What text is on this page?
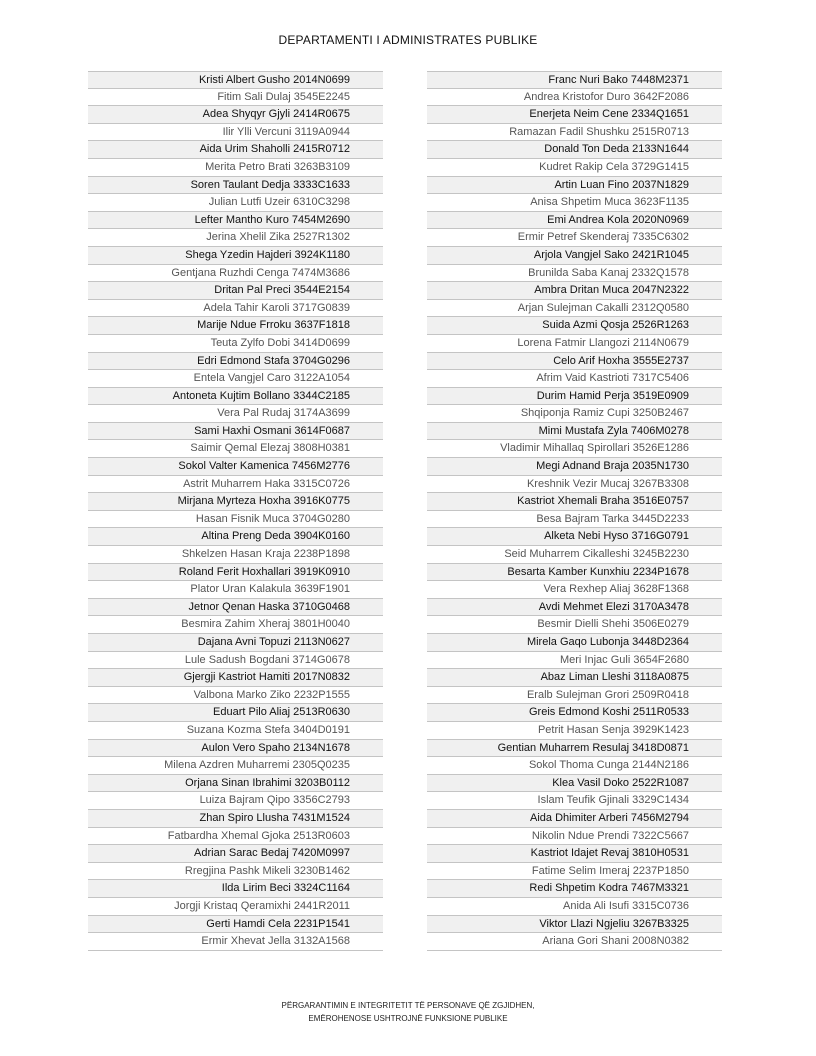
DEPARTAMENTI I ADMINISTRATES PUBLIKE
Kristi Albert Gusho 2014N0699
Fitim Sali Dulaj 3545E2245
Adea Shyqyr Gjyli 2414R0675
Ilir Ylli Vercuni 3119A0944
Aida Urim Shaholli 2415R0712
Merita Petro Brati 3263B3109
Soren Taulant Dedja 3333C1633
Julian Lutfi Uzeir 6310C3298
Lefter Mantho Kuro 7454M2690
Jerina Xhelil Zika 2527R1302
Shega Yzedin Hajderi 3924K1180
Gentjana Ruzhdi Cenga 7474M3686
Dritan Pal Preci 3544E2154
Adela Tahir Karoli 3717G0839
Marije Ndue Frroku 3637F1818
Teuta Zylfo Dobi 3414D0699
Edri Edmond Stafa 3704G0296
Entela Vangjel Caro 3122A1054
Antoneta Kujtim Bollano 3344C2185
Vera Pal Rudaj 3174A3699
Sami Haxhi Osmani 3614F0687
Saimir Qemal Elezaj 3808H0381
Sokol Valter Kamenica 7456M2776
Astrit Muharrem Haka 3315C0726
Mirjana Myrteza Hoxha 3916K0775
Hasan Fisnik Muca 3704G0280
Altina Preng Deda 3904K0160
Shkelzen Hasan Kraja 2238P1898
Roland Ferit Hoxhallari 3919K0910
Plator Uran Kalakula 3639F1901
Jetnor Qenan Haska 3710G0468
Besmira Zahim Xheraj 3801H0040
Dajana Avni Topuzi 2113N0627
Lule Sadush Bogdani 3714G0678
Gjergji Kastriot Hamiti 2017N0832
Valbona Marko Ziko 2232P1555
Eduart Pilo Aliaj 2513R0630
Suzana Kozma Stefa 3404D0191
Aulon Vero Spaho 2134N1678
Milena Azdren Muharremi 2305Q0235
Orjana Sinan Ibrahimi 3203B0112
Luiza Bajram Qipo 3356C2793
Zhan Spiro Llusha 7431M1524
Fatbardha Xhemal Gjoka 2513R0603
Adrian Sarac Bedaj 7420M0997
Rregjina Pashk Mikeli 3230B1462
Ilda Lirim Beci 3324C1164
Jorgji Kristaq Qeramixhi 2441R2011
Gerti Hamdi Cela 2231P1541
Ermir Xhevat Jella 3132A1568
Franc Nuri Bako 7448M2371
Andrea Kristofor Duro 3642F2086
Enerjeta Neim Cene 2334Q1651
Ramazan Fadil Shushku 2515R0713
Donald Ton Deda 2133N1644
Kudret Rakip Cela 3729G1415
Artin Luan Fino 2037N1829
Anisa Shpetim Muca 3623F1135
Emi Andrea Kola 2020N0969
Ermir Petref Skenderaj 7335C6302
Arjola Vangjel Sako 2421R1045
Brunilda Saba Kanaj 2332Q1578
Ambra Dritan Muca 2047N2322
Arjan Sulejman Cakalli 2312Q0580
Suida Azmi Qosja 2526R1263
Lorena Fatmir Llangozi 2114N0679
Celo Arif Hoxha 3555E2737
Afrim Vaid Kastrioti 7317C5406
Durim Hamid Perja 3519E0909
Shqiponja Ramiz Cupi 3250B2467
Mimi Mustafa Zyla 7406M0278
Vladimir Mihallaq Spirollari 3526E1286
Megi Adnand Braja 2035N1730
Kreshnik Vezir Mucaj 3267B3308
Kastriot Xhemali Braha 3516E0757
Besa Bajram Tarka 3445D2233
Alketa Nebi Hyso 3716G0791
Seid Muharrem Cikalleshi 3245B2230
Besarta Kamber Kunxhiu 2234P1678
Vera Rexhep Aliaj 3628F1368
Avdi Mehmet Elezi 3170A3478
Besmir Dielli Shehi 3506E0279
Mirela Gaqo Lubonja 3448D2364
Meri Injac Guli 3654F2680
Abaz Liman Lleshi 3118A0875
Eralb Sulejman Grori 2509R0418
Greis Edmond Koshi 2511R0533
Petrit Hasan Senja 3929K1423
Gentian Muharrem Resulaj 3418D0871
Sokol Thoma Cunga 2144N2186
Klea Vasil Doko 2522R1087
Islam Teufik Gjinali 3329C1434
Aida Dhimiter Arberi 7456M2794
Nikolin Ndue Prendi 7322C5667
Kastriot Idajet Revaj 3810H0531
Fatime Selim Imeraj 2237P1850
Redi Shpetim Kodra 7467M3321
Anida Ali Isufi 3315C0736
Viktor Llazi Ngjeliu 3267B3325
Ariana Gori Shani 2008N0382
PËRGARANTIMIN E INTEGRITETIT TË PERSONAVE QË ZGJIDHEN,
EMËROHENOSE USHTROJNË FUNKSIONE PUBLIKE
